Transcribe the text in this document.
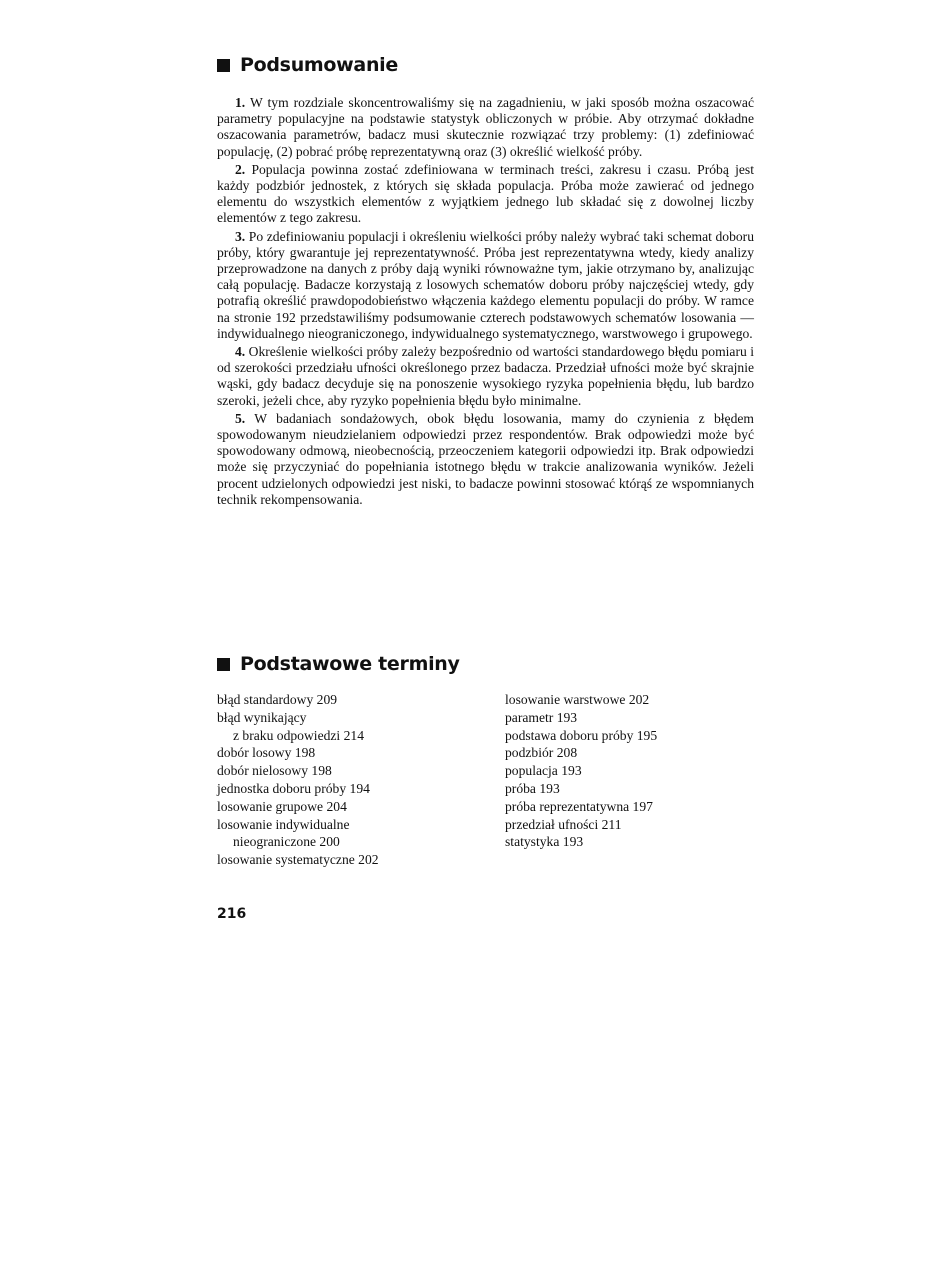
Podsumowanie

1. W tym rozdziale skoncentrowaliśmy się na zagadnieniu, w jaki sposób można oszacować parametry populacyjne na podstawie statystyk obliczonych w próbie. Aby otrzymać dokładne oszacowania parametrów, badacz musi skutecznie rozwiązać trzy problemy: (1) zdefiniować populację, (2) pobrać próbę reprezentatywną oraz (3) określić wielkość próby.

2. Populacja powinna zostać zdefiniowana w terminach treści, zakresu i czasu. Próbą jest każdy podzbiór jednostek, z których się składa populacja. Próba może zawierać od jednego elementu do wszystkich elementów z wyjątkiem jednego lub składać się z dowolnej liczby elementów z tego zakresu.

3. Po zdefiniowaniu populacji i określeniu wielkości próby należy wybrać taki schemat doboru próby, który gwarantuje jej reprezentatywność. Próba jest reprezentatywna wtedy, kiedy analizy przeprowadzone na danych z próby dają wyniki równoważne tym, jakie otrzymano by, analizując całą populację. Badacze korzystają z losowych schematów doboru próby najczęściej wtedy, gdy potrafią określić prawdopodobieństwo włączenia każdego elementu populacji do próby. W ramce na stronie 192 przedstawiliśmy podsumowanie czterech podstawowych schematów losowania — indywidualnego nieograniczonego, indywidualnego systematycznego, warstwowego i grupowego.

4. Określenie wielkości próby zależy bezpośrednio od wartości standardowego błędu pomiaru i od szerokości przedziału ufności określonego przez badacza. Przedział ufności może być skrajnie wąski, gdy badacz decyduje się na ponoszenie wysokiego ryzyka popełnienia błędu, lub bardzo szeroki, jeżeli chce, aby ryzyko popełnienia błędu było minimalne.

5. W badaniach sondażowych, obok błędu losowania, mamy do czynienia z błędem spowodowanym nieudzielaniem odpowiedzi przez respondentów. Brak odpowiedzi może być spowodowany odmową, nieobecnością, przeoczeniem kategorii odpowiedzi itp. Brak odpowiedzi może się przyczyniać do popełniania istotnego błędu w trakcie analizowania wyników. Jeżeli procent udzielonych odpowiedzi jest niski, to badacze powinni stosować którąś ze wspomnianych technik rekompensowania.

Podstawowe terminy
błąd standardowy 209
błąd wynikający
z braku odpowiedzi 214
dobór losowy 198
dobór nielosowy 198
jednostka doboru próby 194
losowanie grupowe 204
losowanie indywidualne
nieograniczone 200
losowanie systematyczne 202
losowanie warstwowe 202
parametr 193
podstawa doboru próby 195
podzbiór 208
populacja 193
próba 193
próba reprezentatywna 197
przedział ufności 211
statystyka 193
216
